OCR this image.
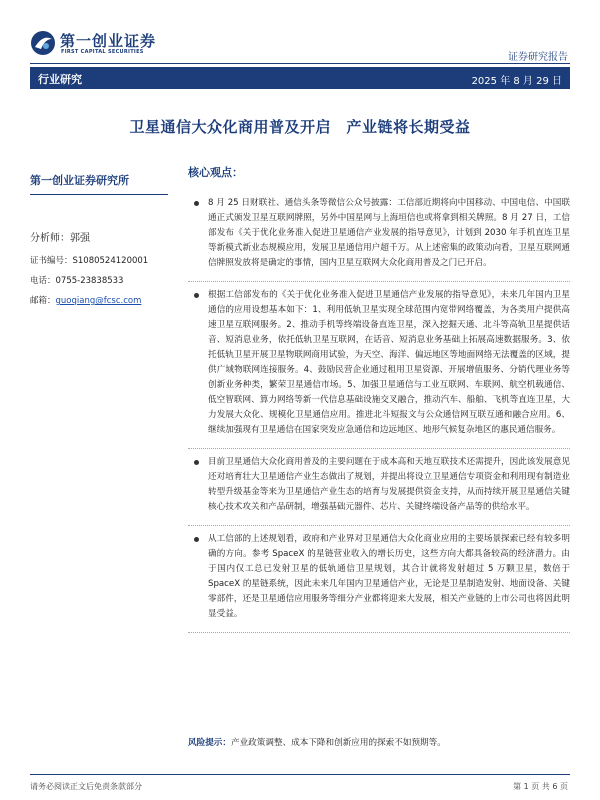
第一创业证券
FIRST CAPITAL SECURITIES	证券研究报告
行业研究	2025 年 8 月 29 日
卫星通信大众化商用普及开启　产业链将长期受益
第一创业证券研究所
分析师：郭强
证书编号：S1080524120001
电话：0755-23838533
邮箱：guoqiang@fcsc.com
核心观点：

8 月 25 日财联社、通信头条等微信公众号披露：工信部近期将向中国移动、中国电信、中国联通正式颁发卫星互联网牌照，另外中国星网与上海垣信也或将拿到相关牌照。8 月 27 日，工信部发布《关于优化业务准入促进卫星通信产业发展的指导意见》，计划到 2030 年手机直连卫星等新模式新业态规模应用，发展卫星通信用户超千万。从上述密集的政策动向看，卫星互联网通信牌照发放将是确定的事情，国内卫星互联网大众化商用普及之门已开启。

根据工信部发布的《关于优化业务准入促进卫星通信产业发展的指导意见》，未来几年国内卫星通信的应用设想基本如下：1、利用低轨卫星实现全球范围内宽带网络覆盖，为各类用户提供高速卫星互联网服务。2、推动手机等终端设备直连卫星，深入挖掘天通、北斗等高轨卫星提供话音、短消息业务，依托低轨卫星互联网，在话音、短消息业务基础上拓展高速数据服务。3、依托低轨卫星开展卫星物联网商用试验，为天空、海洋、偏远地区等地面网络无法覆盖的区域，提供广域物联网连接服务。4、鼓励民营企业通过租用卫星资源、开展增值服务、分销代理业务等创新业务种类，繁荣卫星通信市场。5、加强卫星通信与工业互联网、车联网、航空机载通信、低空智联网、算力网络等新一代信息基础设施交叉融合，推动汽车、船舶、飞机等直连卫星，大力发展大众化、规模化卫星通信应用。推进北斗短报文与公众通信网互联互通和融合应用。6、继续加强现有卫星通信在国家突发应急通信和边远地区、地形气候复杂地区的惠民通信服务。

目前卫星通信大众化商用普及的主要问题在于成本高和天地互联技术还需提升，因此该发展意见还对培育壮大卫星通信产业生态做出了规划，并提出将设立卫星通信专项资金和利用现有制造业转型升级基金等来为卫星通信产业生态的培育与发展提供资金支持，从而持续开展卫星通信关键核心技术攻关和产品研制，增强基础元器件、芯片、关键终端设备产品等的供给水平。

从工信部的上述规划看，政府和产业界对卫星通信大众化商业应用的主要场景探索已经有较多明确的方向。参考 SpaceX 的星链营业收入的增长历史，这些方向大都具备较高的经济潜力。由于国内仅工总已发射卫星的低轨通信卫星规划，其合计就将发射超过 5 万颗卫星，数倍于 SpaceX 的星链系统，因此未来几年国内卫星通信产业，无论是卫星制造发射、地面设备、关键零部件，还是卫星通信应用服务等细分产业都将迎来大发展，相关产业链的上市公司也将因此明显受益。

风险提示：产业政策调整、成本下降和创新应用的探索不如预期等。
请务必阅读正文后免责条款部分	第 1 页 共 6 页
